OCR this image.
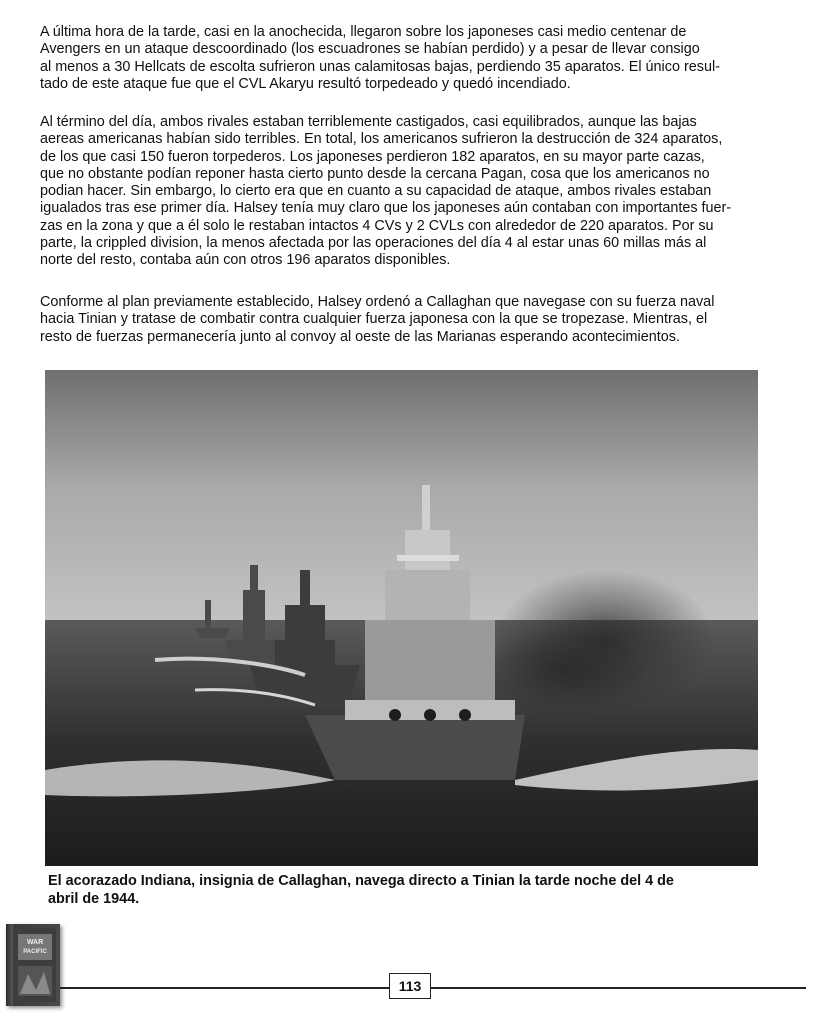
A última hora de la tarde, casi en la anochecida, llegaron sobre los japoneses casi medio centenar de
Avengers en un ataque descoordinado (los escuadrones se habían perdido) y a pesar de llevar consigo
al menos a 30 Hellcats de escolta sufrieron unas calamitosas bajas, perdiendo 35 aparatos. El único resul-
tado de este ataque fue que el CVL Akaryu resultó torpedeado y quedó incendiado.

Al término del día, ambos rivales estaban terriblemente castigados, casi equilibrados, aunque las bajas
aereas americanas habían sido terribles. En total, los americanos sufrieron la destrucción de 324 aparatos,
de los que casi 150 fueron torpederos. Los japoneses perdieron 182 aparatos, en su mayor parte cazas,
que no obstante podían reponer hasta cierto punto desde la cercana Pagan, cosa que los americanos no
podian hacer. Sin embargo, lo cierto era que en cuanto a su capacidad de ataque, ambos rivales estaban
igualados tras ese primer día. Halsey tenía muy claro que los japoneses aún contaban con importantes fuer-
zas en la zona y que a él solo le restaban intactos 4 CVs y 2 CVLs con alrededor de 220 aparatos. Por su
parte, la crippled division, la menos afectada por las operaciones del día 4 al estar unas 60 millas más al
norte del resto, contaba aún con otros 196 aparatos disponibles.

Conforme al plan previamente establecido, Halsey ordenó a Callaghan que navegase con su fuerza naval
hacia Tinian y tratase de combatir contra cualquier fuerza japonesa con la que se tropezase. Mientras, el
resto de fuerzas permanecería junto al convoy al oeste de las Marianas esperando acontecimientos.

El acorazado Indiana, insignia de Callaghan, navega directo a Tinian la tarde noche del 4 de
abril de 1944.

WAR
PACIFIC
113
